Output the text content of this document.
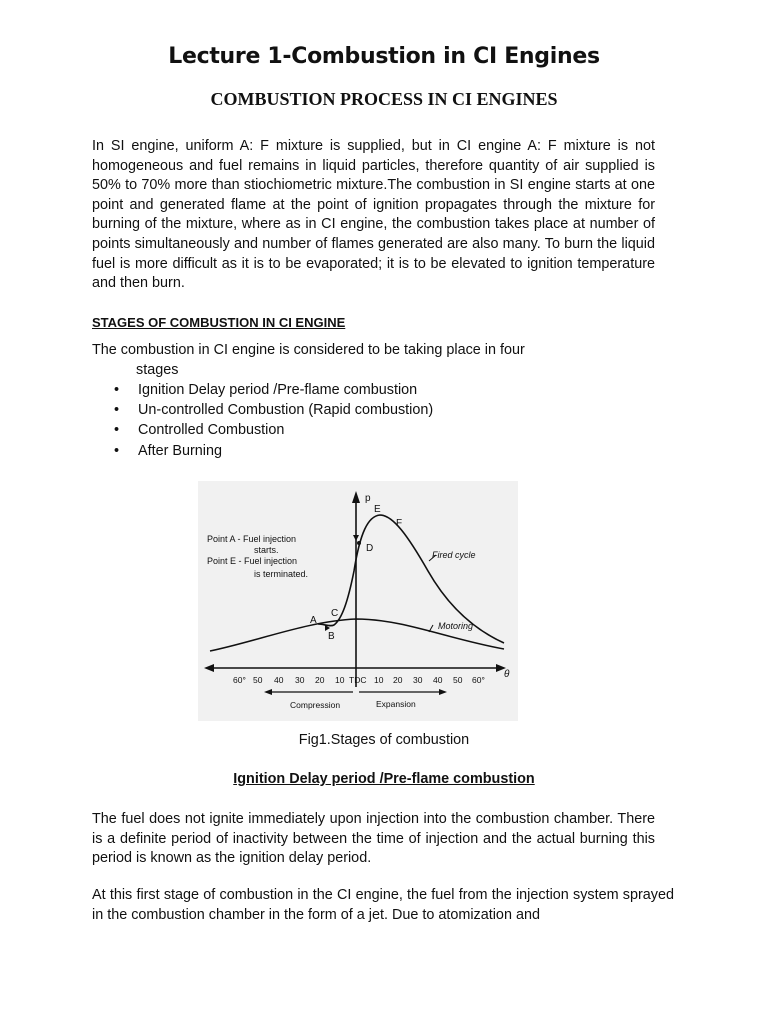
Lecture 1-Combustion in CI Engines
COMBUSTION PROCESS IN CI ENGINES
In SI engine, uniform A: F mixture is supplied, but in CI engine A: F mixture is not homogeneous and fuel remains in liquid particles, therefore quantity of air supplied is 50% to 70% more than stiochiometric mixture.The combustion in SI engine starts at one point and generated flame at the point of ignition propagates through the mixture for burning of the mixture, where as in CI engine, the combustion takes place at number of points simultaneously and number of flames generated are also many. To burn the liquid fuel is more difficult as it is to be evaporated; it is to be elevated to ignition temperature and then burn.
STAGES OF COMBUSTION IN CI ENGINE
The combustion in CI engine is considered to be taking place in four
stages
• Ignition Delay period /Pre-flame combustion
• Un-controlled Combustion (Rapid combustion)
• Controlled Combustion
• After Burning
p
θ
E
F
D
C
A
B
Point A - Fuel injection
starts.
Point E - Fuel injection
is terminated.
Fired cycle
Motoring
60° 50 40 30 20 10 TDC 10 20 30 40 50 60°
Compression	Expansion
Fig1.Stages of combustion
Ignition Delay period /Pre-flame combustion
The fuel does not ignite immediately upon injection into the combustion chamber. There is a definite period of inactivity between the time of injection and the actual burning this period is known as the ignition delay period.
At this first stage of combustion in the CI engine, the fuel from the injection system sprayed in the combustion chamber in the form of a jet. Due to atomization and
